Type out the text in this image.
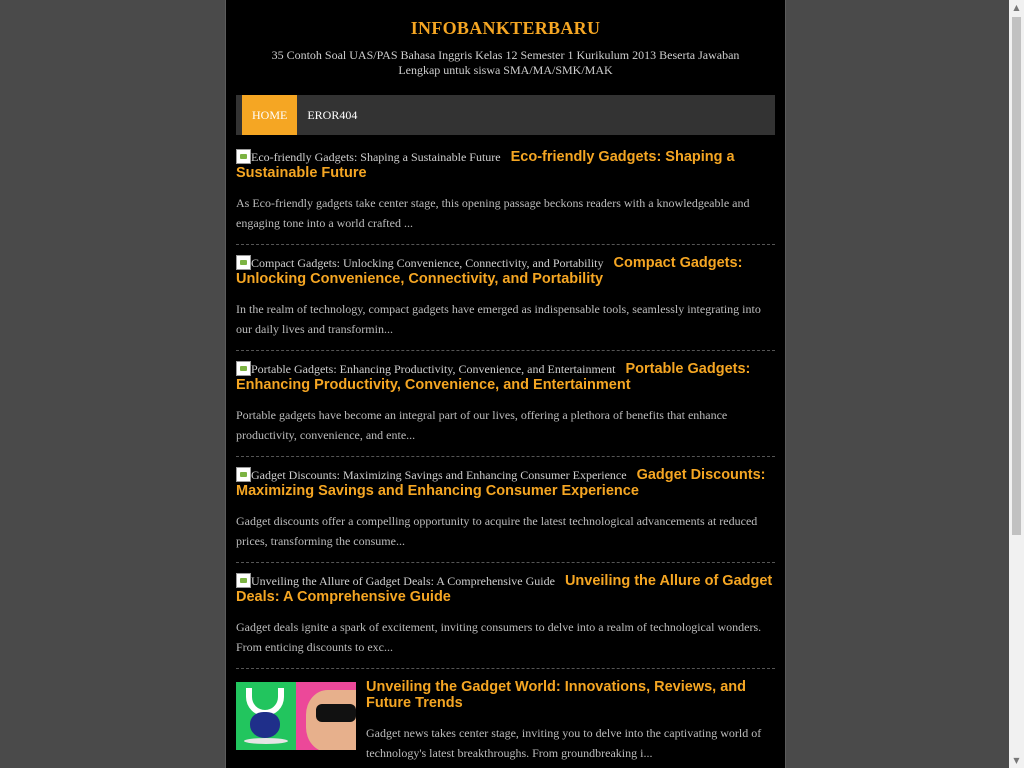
INFOBANKTERBARU
35 Contoh Soal UAS/PAS Bahasa Inggris Kelas 12 Semester 1 Kurikulum 2013 Beserta Jawaban Lengkap untuk siswa SMA/MA/SMK/MAK
HOME	EROR404
Eco-friendly Gadgets: Shaping a Sustainable Future Eco-friendly Gadgets: Shaping a Sustainable Future
As Eco-friendly gadgets take center stage, this opening passage beckons readers with a knowledgeable and engaging tone into a world crafted ...
Compact Gadgets: Unlocking Convenience, Connectivity, and Portability Compact Gadgets: Unlocking Convenience, Connectivity, and Portability
In the realm of technology, compact gadgets have emerged as indispensable tools, seamlessly integrating into our daily lives and transformin...
Portable Gadgets: Enhancing Productivity, Convenience, and Entertainment Portable Gadgets: Enhancing Productivity, Convenience, and Entertainment
Portable gadgets have become an integral part of our lives, offering a plethora of benefits that enhance productivity, convenience, and ente...
Gadget Discounts: Maximizing Savings and Enhancing Consumer Experience Gadget Discounts: Maximizing Savings and Enhancing Consumer Experience
Gadget discounts offer a compelling opportunity to acquire the latest technological advancements at reduced prices, transforming the consume...
Unveiling the Allure of Gadget Deals: A Comprehensive Guide Unveiling the Allure of Gadget Deals: A Comprehensive Guide
Gadget deals ignite a spark of excitement, inviting consumers to delve into a realm of technological wonders. From enticing discounts to exc...
Unveiling the Gadget World: Innovations, Reviews, and Future Trends
Gadget news takes center stage, inviting you to delve into the captivating world of technology's latest breakthroughs. From groundbreaking i...
▲
▼
